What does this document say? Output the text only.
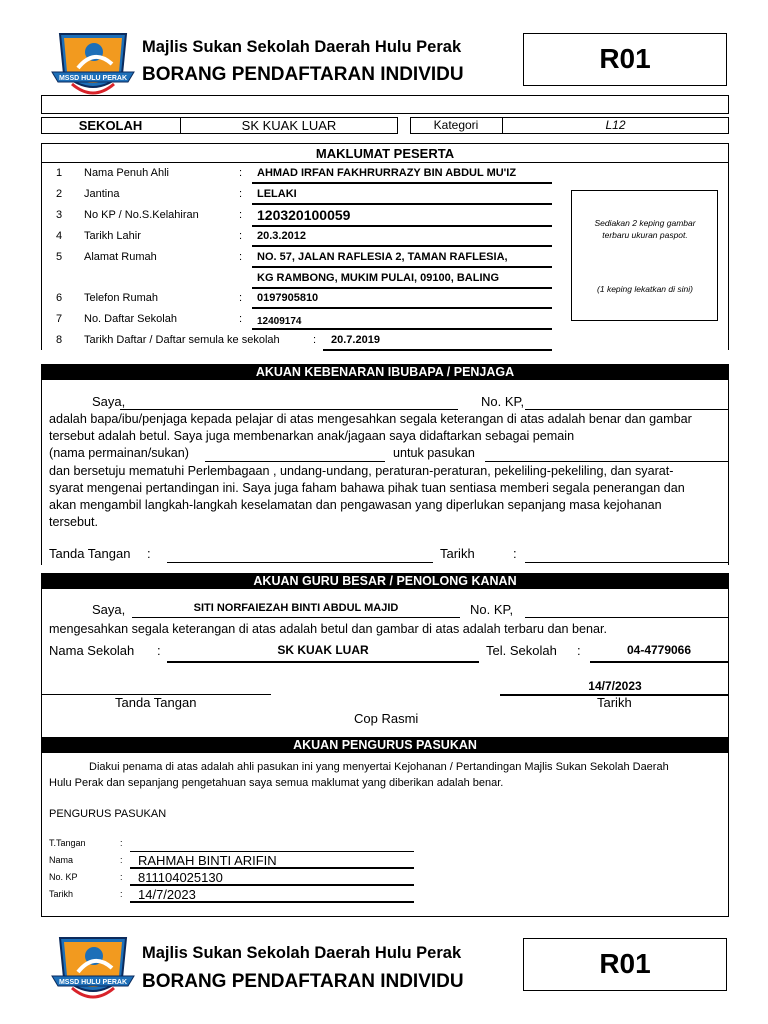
MSSD HULU PERAK
Majlis Sukan Sekolah Daerah Hulu Perak
BORANG PENDAFTARAN INDIVIDU
R01
SEKOLAH	SK KUAK LUAR	Kategori	L12
MAKLUMAT PESERTA
1 Nama Penuh Ahli	: AHMAD IRFAN FAKHRURRAZY BIN ABDUL MU'IZ
2 Jantina	: LELAKI
3 No KP / No.S.Kelahiran	: 120320100059
4 Tarikh Lahir	: 20.3.2012
5 Alamat Rumah	: NO. 57, JALAN RAFLESIA 2, TAMAN RAFLESIA,
KG RAMBONG, MUKIM PULAI, 09100, BALING
6 Telefon Rumah	: 0197905810
7 No. Daftar Sekolah	: 12409174
8 Tarikh Daftar / Daftar semula ke sekolah	: 20.7.2019
Sediakan 2 keping gambar terbaru ukuran paspot.
(1 keping lekatkan di sini)
AKUAN KEBENARAN IBUBAPA / PENJAGA
Saya,	No. KP,
adalah bapa/ibu/penjaga kepada pelajar di atas mengesahkan segala keterangan di atas adalah benar dan gambar
tersebut adalah betul. Saya juga membenarkan anak/jagaan saya didaftarkan sebagai pemain
(nama permainan/sukan)	untuk pasukan
dan bersetuju mematuhi Perlembagaan , undang-undang, peraturan-peraturan, pekeliling-pekeliling, dan syarat-
syarat mengenai pertandingan ini. Saya juga faham bahawa pihak tuan sentiasa memberi segala penerangan dan
akan mengambil langkah-langkah keselamatan dan pengawasan yang diperlukan sepanjang masa kejohanan
tersebut.
Tanda Tangan :	Tarikh	:
AKUAN GURU BESAR / PENOLONG KANAN
Saya,	SITI NORFAIEZAH BINTI ABDUL MAJID	No. KP,
mengesahkan segala keterangan di atas adalah betul dan gambar di atas adalah terbaru dan benar.
Nama Sekolah :	SK KUAK LUAR	Tel. Sekolah :	04-4779066
14/7/2023
Tanda Tangan	Tarikh
Cop Rasmi
AKUAN PENGURUS PASUKAN
Diakui penama di atas adalah ahli pasukan ini yang menyertai Kejohanan / Pertandingan Majlis Sukan Sekolah Daerah
Hulu Perak dan sepanjang pengetahuan saya semua maklumat yang diberikan adalah benar.
PENGURUS PASUKAN
T.Tangan	:
Nama	: RAHMAH BINTI ARIFIN
No. KP	: 811104025130
Tarikh	: 14/7/2023
MSSD HULU PERAK
Majlis Sukan Sekolah Daerah Hulu Perak
BORANG PENDAFTARAN INDIVIDU
R01
